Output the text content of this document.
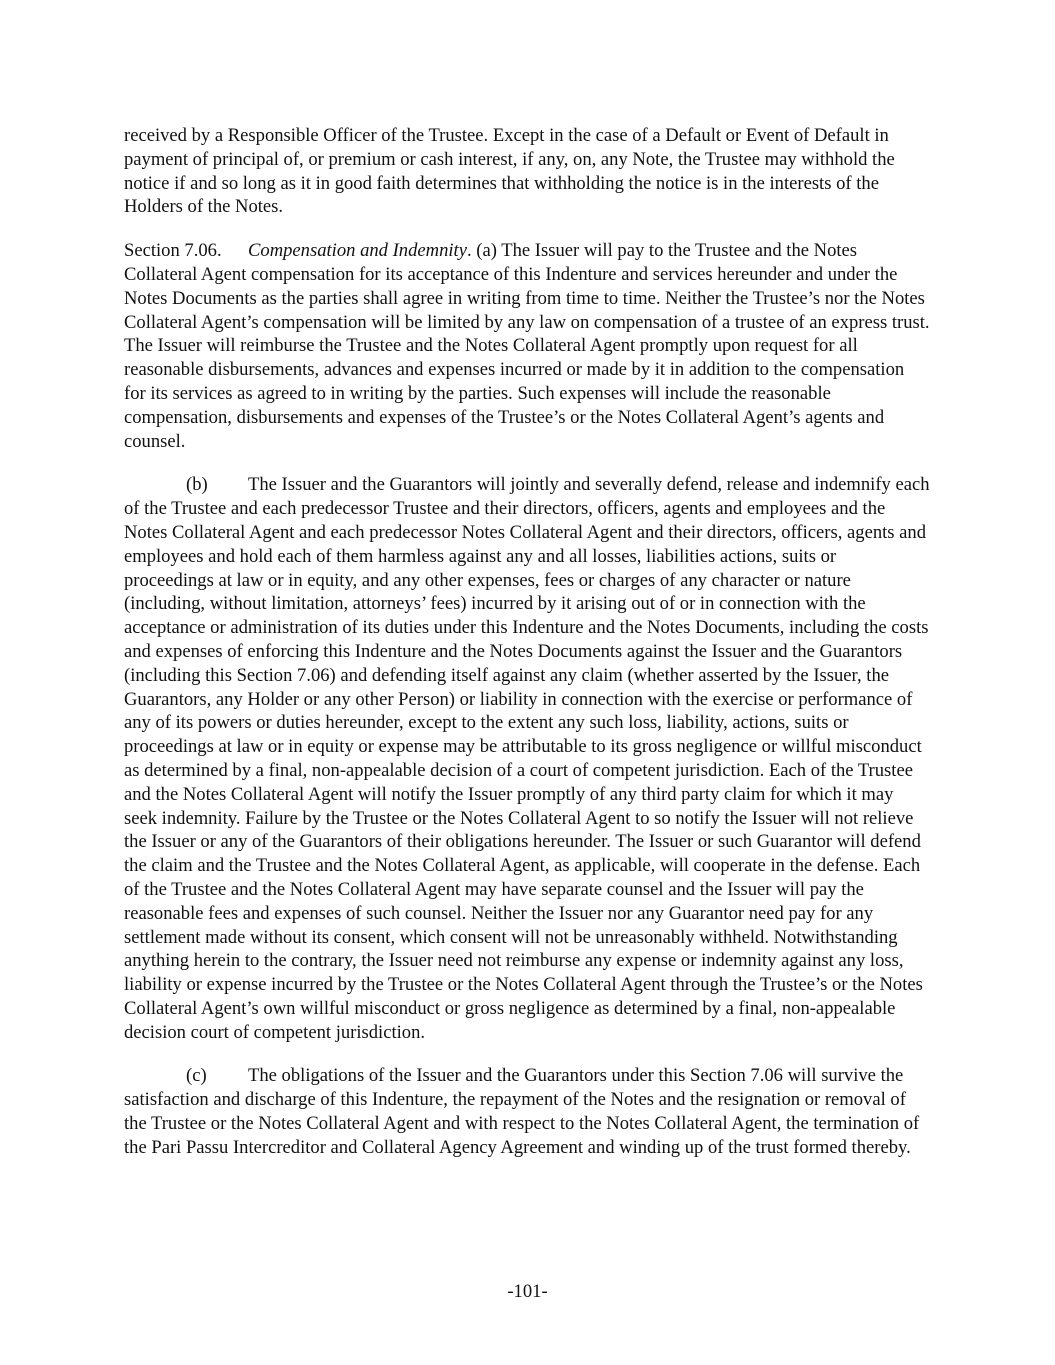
received by a Responsible Officer of the Trustee. Except in the case of a Default or Event of Default in payment of principal of, or premium or cash interest, if any, on, any Note, the Trustee may withhold the notice if and so long as it in good faith determines that withholding the notice is in the interests of the Holders of the Notes.

Section 7.06. Compensation and Indemnity. (a) The Issuer will pay to the Trustee and the Notes Collateral Agent compensation for its acceptance of this Indenture and services hereunder and under the Notes Documents as the parties shall agree in writing from time to time. Neither the Trustee’s nor the Notes Collateral Agent’s compensation will be limited by any law on compensation of a trustee of an express trust. The Issuer will reimburse the Trustee and the Notes Collateral Agent promptly upon request for all reasonable disbursements, advances and expenses incurred or made by it in addition to the compensation for its services as agreed to in writing by the parties. Such expenses will include the reasonable compensation, disbursements and expenses of the Trustee’s or the Notes Collateral Agent’s agents and counsel.

(b) The Issuer and the Guarantors will jointly and severally defend, release and indemnify each of the Trustee and each predecessor Trustee and their directors, officers, agents and employees and the Notes Collateral Agent and each predecessor Notes Collateral Agent and their directors, officers, agents and employees and hold each of them harmless against any and all losses, liabilities actions, suits or proceedings at law or in equity, and any other expenses, fees or charges of any character or nature (including, without limitation, attorneys’ fees) incurred by it arising out of or in connection with the acceptance or administration of its duties under this Indenture and the Notes Documents, including the costs and expenses of enforcing this Indenture and the Notes Documents against the Issuer and the Guarantors (including this Section 7.06) and defending itself against any claim (whether asserted by the Issuer, the Guarantors, any Holder or any other Person) or liability in connection with the exercise or performance of any of its powers or duties hereunder, except to the extent any such loss, liability, actions, suits or proceedings at law or in equity or expense may be attributable to its gross negligence or willful misconduct as determined by a final, non-appealable decision of a court of competent jurisdiction. Each of the Trustee and the Notes Collateral Agent will notify the Issuer promptly of any third party claim for which it may seek indemnity. Failure by the Trustee or the Notes Collateral Agent to so notify the Issuer will not relieve the Issuer or any of the Guarantors of their obligations hereunder. The Issuer or such Guarantor will defend the claim and the Trustee and the Notes Collateral Agent, as applicable, will cooperate in the defense. Each of the Trustee and the Notes Collateral Agent may have separate counsel and the Issuer will pay the reasonable fees and expenses of such counsel. Neither the Issuer nor any Guarantor need pay for any settlement made without its consent, which consent will not be unreasonably withheld. Notwithstanding anything herein to the contrary, the Issuer need not reimburse any expense or indemnity against any loss, liability or expense incurred by the Trustee or the Notes Collateral Agent through the Trustee’s or the Notes Collateral Agent’s own willful misconduct or gross negligence as determined by a final, non-appealable decision court of competent jurisdiction.

(c) The obligations of the Issuer and the Guarantors under this Section 7.06 will survive the satisfaction and discharge of this Indenture, the repayment of the Notes and the resignation or removal of the Trustee or the Notes Collateral Agent and with respect to the Notes Collateral Agent, the termination of the Pari Passu Intercreditor and Collateral Agency Agreement and winding up of the trust formed thereby.

-101-
